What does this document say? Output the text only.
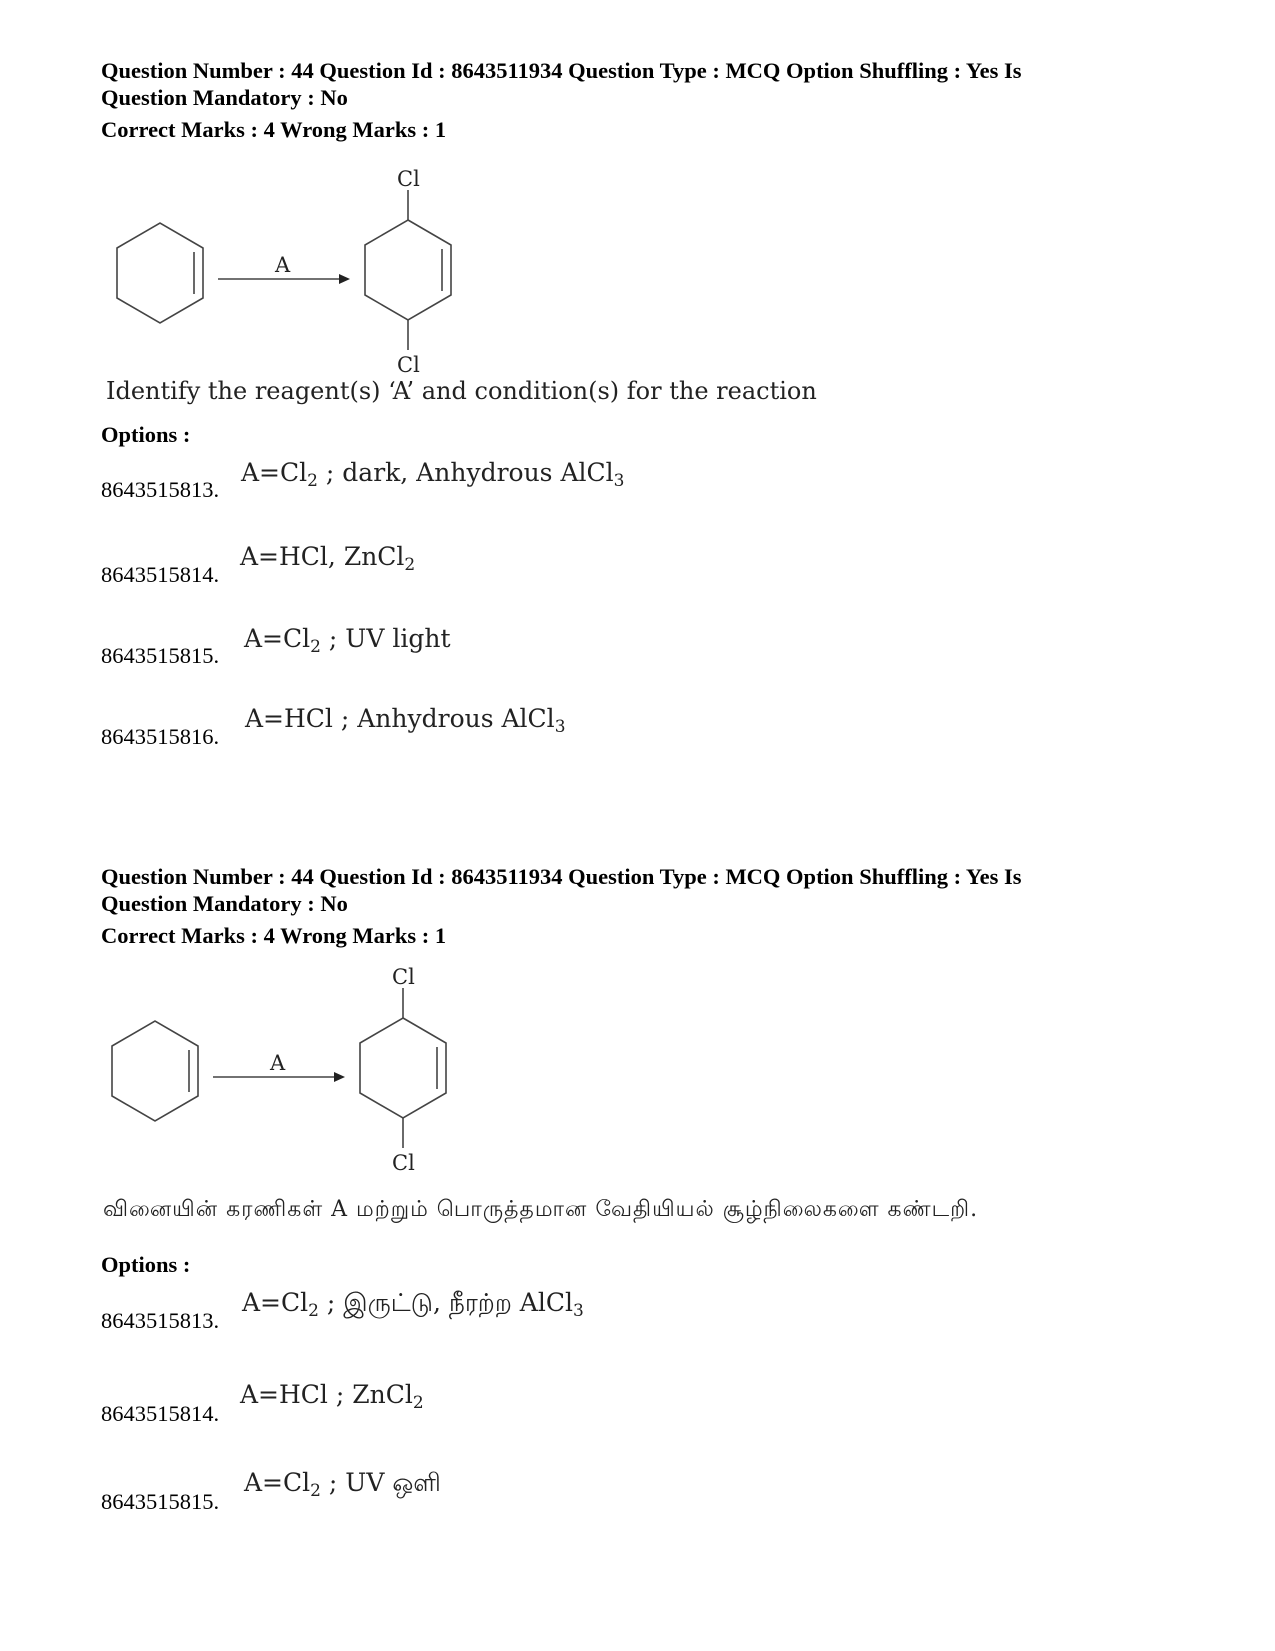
Question Number : 44 Question Id : 8643511934 Question Type : MCQ Option Shuffling : Yes Is
Question Mandatory : No
Correct Marks : 4 Wrong Marks : 1
A
Cl
Cl
Identify the reagent(s) ‘A’ and condition(s) for the reaction
Options :
8643515813.
$A=Cl_2$ ; dark, Anhydrous AlCl$_3$
8643515814.
A=HCl, ZnCl$_2$
8643515815.
$A=Cl_2$ ; UV light
8643515816.
A=HCl ; Anhydrous AlCl$_3$
Question Number : 44 Question Id : 8643511934 Question Type : MCQ Option Shuffling : Yes Is
Question Mandatory : No
Correct Marks : 4 Wrong Marks : 1
A
Cl
Cl
வினையின் கரணிகள் A மற்றும் பொருத்தமான வேதியியல் சூழ்நிலைகளை கண்டறி.
Options :
8643515813.
$A=Cl_2$ ; இருட்டு, நீரற்ற AlCl$_3$
8643515814.
A=HCl ; ZnCl$_2$
8643515815.
$A=Cl_2$ ; UV ஒளி
